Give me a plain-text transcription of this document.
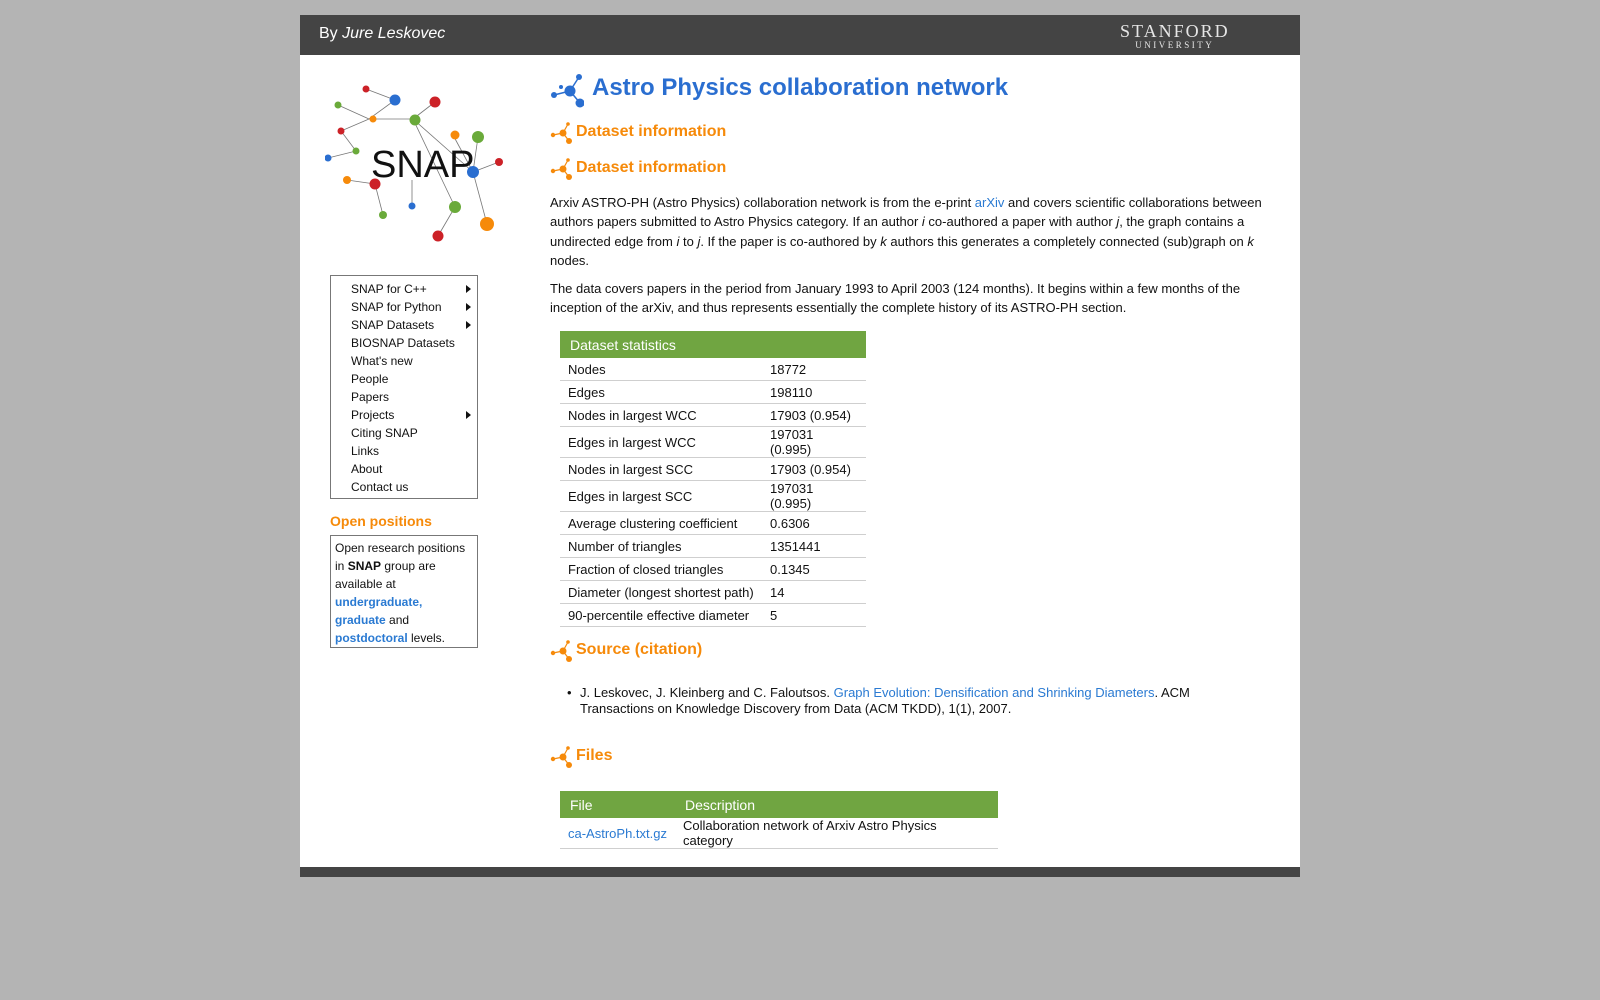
By Jure Leskovec	STANFORD
UNIVERSITY
SNAP
SNAP for C++
SNAP for Python
SNAP Datasets
BIOSNAP Datasets
What's new
People
Papers
Projects
Citing SNAP
Links
About
Contact us
Open positions
Open research positions in SNAP group are available at undergraduate, graduate and postdoctoral levels.
Astro Physics collaboration network
Dataset information
Dataset information

Arxiv ASTRO-PH (Astro Physics) collaboration network is from the e-print arXiv and covers scientific collaborations between authors papers submitted to Astro Physics category. If an author i co-authored a paper with author j, the graph contains a undirected edge from i to j. If the paper is co-authored by k authors this generates a completely connected (sub)graph on k nodes.

The data covers papers in the period from January 1993 to April 2003 (124 months). It begins within a few months of the inception of the arXiv, and thus represents essentially the complete history of its ASTRO-PH section.

Dataset statistics	
Nodes	18772
Edges	198110
Nodes in largest WCC	17903 (0.954)
Edges in largest WCC	197031 (0.995)
Nodes in largest SCC	17903 (0.954)
Edges in largest SCC	197031 (0.995)
Average clustering coefficient	0.6306
Number of triangles	1351441
Fraction of closed triangles	0.1345
Diameter (longest shortest path)	14
90-percentile effective diameter	5
Source (citation)
• J. Leskovec, J. Kleinberg and C. Faloutsos. Graph Evolution: Densification and Shrinking Diameters. ACM Transactions on Knowledge Discovery from Data (ACM TKDD), 1(1), 2007.
Files
File	Description
ca-AstroPh.txt.gz	Collaboration network of Arxiv Astro Physics category
